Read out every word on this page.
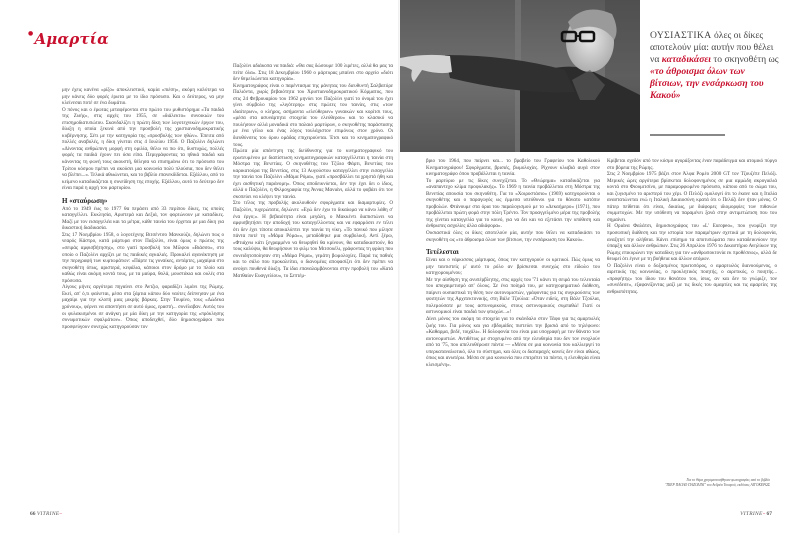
●Αμαρτία

μην έχεις κανένα «ρίζο» αποκλειστικό, καμία «πιέση», ακόμη καλύτερα να μην κάνεις δύο φορές έρωτα με το ίδιο πρόσωπο. Και ο δεύτερος, να μην κλείνεσαι ποτέ σε ένα δωμάτιο.

Ο πόνος και ο έρωτας μεταφέρονται στο πρώτο του μυθιστόρημα «Τα παιδιά της Ζωής», στις αρχές του 1955, σε «διάλεκτο» συνοικιών του επισημοδιατυπώτου. Σκανδαλίζει η πρώτη δίκη των λογοτεχνικών έργων του, δίωξη η οποία ξεκινά από την προσβολή της χριστιανοδημοκρατικής κυβέρνησης. Σέτι με την κατηγορία της «προσβολής των ηθών». Έπειτα από πολλές αναβολές, η δίκη γίνεται στις 4 Ιουλίου 1956. Ο Παζολίνι δηλώνει «Δίνοντας ανθρώπινη μορφή στη ομιλία, θέλω να πω ότι, δυστυχώς, πολλές φορές τα παιδιά έχουν πει όσα είπα. Περιγράφοντας τα ηθικά παιδιά και κάνοντας τη φωνή τους ακουστή, θέλησα να επισημάνω ότι το πρόσωπο του Τρίτου κόσμου πρέπει να ακούσει μια κοινωνία πολύ πλούσια, που δεν θέλει να βλέπει...». Τελικά αθωώνεται, και το βιβλίο επανεκδίδεται. Εξάλλου, από το κείμενο καταδικάζεται η συνείδηση της εποχής. Εξάλλου, αυτό το δεύτερο δεν είναι παρά η αρχή του μαρτυρίου.

Η «σταύρωση»

Από το 1949 έως το 1977 θα περάσει από 33 περίπου δίκες, τις οποίες καταγγέλλει. Εκκλησία, Αριστερά και Δεξιά, τον φορτώνουν με καταδίκες. Μαζί με τον εισαγγελέα και τα μέτρα, κάθε ταινία του έρχεται με μια δίκη για δικαστική διαδικασία.

Στις 17 Νοεμβρίου 1958, ο λογοτέχνης Βιτσέντσο Μανκούζο, δηλώνει πως ο νεαρός Κάστρο, κατά μάρτυρα στον Παζολίνι, είναι όμως ο πρώτος της «σειράς αμφισβήτησης», στο γιατί προσβολή του Μίλφου «Βιάσσο», στο οποίο ο Παζολίνι αρχίζει με τις παιδικές αγκαλιές. Προκαλεί αγανάκτηση με την περιγραφή των κυρτωμάτων: «Πάρτε τις γυναίκες, αντάρτες, μαχαίρια στο σκηνοθέτη όπως, αριστερά, κεφάλια, κάποιοι στον δρόμο με το πλοίο και καθώς είναι ακόμη κοντά τους, με τα μαύρα, θολά, μουστάκια και ουλές στα πρόσωπα.

Λίγους μήνες αργότερα πηγαίνει στο Άντζιο, φαραδίζει λιμάνι της Ρώμης. Εκεί, απ' ό,τι φαίνεται, μέσα στα ξάρτια κάπου δύο ναύτες δείπνησαν με ένα μαχαίρι για την κλοπή μιας μικρής βάρκας. Στην Τουρίνο, τους «Δώδεκα χρόνους», φέρνει να απαντήσει σε αυτό όμως, εραστή... συνέλαβαν. Αυτός του οι φυλακισμένοι σε ανάγκη με μία δίκη με την κατηγορία της «πρόκλησης συνωμοτικών σφαλμάτων». Όπως αποδειχθεί, δύο δημοσιογράφοι που προσφεύγουν συνεχώς κατηγορούσαν τον

Παζολίνι αδιάκοπα να παιδιά: «Θα σας δώσουμε 100 λιρέτες, αλλά θα μας τα πείτε όλα». Στις 18 Δεκεμβρίου 1960 ο μάρτυρας μπαίνει στο αρχείο «διότι δεν θεμελιώνεται κατηγορία».

Κινηματογράφος είναι ο παρέντασμα της μάνητας του διευθυντή Σαλβατόρε Παλιόντα, χωρίς βεβαιότητα του Χριστιανοδημοκρατικού Κόμματος, που στις 24 Φεβρουαρίου του 1962 μηνύει τον Παζολίνι γιατί το όνομά του έχει γίνει σύμβολο της «λιγότερης» στις πρώτες του ταινίες, στις «των ιδιαίτερων», ο κλήρος, ασήμαντα «ελεύθερων» γυναικών και κορίτσι τους, «μέσα στα ασυνάρτητα στοιχεία του ελεύθερου» και το κλασικό να πουλήσουν αλλά μοναδικά στο παλαιό μαρτύρων, ο σκηνοθέτης παράστασης με ένα γέλιο και ένας λόγος τουλάχιστον επιμόνως στον χρόνο. Οι διευθύνσεις του όρου ομάδας επιχειρούνται. Έτσι και το κινηματογραφικό τους.

Πρώτα μία απάντηση της διεύθυνσης για το κινηματογραφικό του ερωτευμένου με διαπίστωση κινηματογραφικών καταγγέλλεται η ταινία στη Μόστρα της Βενετίας. Ο σκηνοθέτης του Τζίλιο Φάρτι, Βενετίας του καρικατούρα της Βενετίας, στις 13 Αυγούστου καταγγέλλει στην εισαγγελία την ταινία του Παζολίνι «Μάμα Ρόμα», γιατί «προσβάλλει τα χρηστά ήθη και έχει αισθητική παράνομη». Όπως αποδεικνύεται, δεν την έχει δει ο ίδιος, αλλά ο Παζολίνι, η Φιλμογραφία της Άννας Μανιάνι, αλλά το φοβάει ότι τον σκοπεύει να κλέψει την ταινία.

Στο τέλος της προβολής ακολουθούν σφυρίγματα και διαμαρτυρίες. Ο Παζολίνι, τυχερώτατα, δηλώνει: «Εγώ δεν έχω το δικαίωμα να κάνω λάθη σ' ένα έργο;». Η βεβαιότητα είναι μεγάλη, ο Μακκέντι διαπιστώνει να αμφισβητήσει την αποδοχή του καταγγέλλοντας και να εφαρμόσει εν τέλει ότι δεν έχει τίποτα αποκαλύπτει την ταινία τη νίκη. «Το πανικό που μίλησε πάντα ποτέ τη «Μάμα Ρόμα»», μεταδόθηκε μια συμβολική. Αντί ξέρω, «Φτιάχνω κάτι ξεγραμμένο να θεωρηθεί θα κρίνουν, θα καταδικαστούν, θα τους καλύψω, θα θεωρήσουν το φιλμ του Μιτσουέλι, γράφοντας τη φρίκη που συνειδητοποίησαν στη «Μάμα Ρόμα», γεμάτη βωμολοχίες. Παρά τις παθιές και το σάλο που προκαλείται, ο διανομέας αποφασίζει ότι δεν πρέπει να ανοίγει πουθενά δίωξη. Τα ίδια επαναλαμβάνονται στην προβολή του «Κατά Ματθαίον Ευαγγελίου», το Σεπτέμ-

66 VITRINE~
ΟΥΣΙΑΣΤΙΚΑ όλες οι δίκες αποτελούν μία: αυτήν που θέλει να καταδικάσει το σκηνοθέτη ως «το άθροισμα όλων των βίτσιων, την ενσάρκωση του Κακού»

βριο του 1964, που παίρνει και... το βραβείο του Γραφείου του Καθολικού Κινηματογράφου! Σφυρίγματα, βρισιές, βωμολοχίες. Ρίχνουν κλωβιά αυγά στον κινηματογράφο όπου προβάλλεται η ταινία.

Το μαρτύριο με τις δίκες συνεχίζεται. Το «Θεώρημα» καταδικάζεται για «αναπαντεχο κλίμα προφυλακής». Το 1969 η ταινία προβάλλεται στη Μόστρα της Βενετίας απουσία του σκηνοθέτη. Για το «Χοιροστάσιο» (1969) κατηγορούνται ο σκηνοθέτης και ο παραγωγός ως έμμεσα υπεύθυνοι για το θάνατο κατόπιν προβολών. Φτάνουμε στα όρια του παραλογισμού με το «Δεκαήμερο» (1971), που προβάλλεται πρώτη φορά στην πόλη Τρέντο. Τον προαγγελμένο μέρα της προβολής της γίνεται καταγγελία για το κοινό, για να δει και να εξετάσει την υπόθεση και άνθρωπες ασχολίες άλλα αδιάφορα».

Ουσιαστικά όλες οι δίκες αποτελούν μία, αυτήν που θέλει να καταδικάσει το σκηνοθέτη ως «το άθροισμα όλων των βίτσιων, την ενσάρκωση του Κακού».

Τετέλεσται

Είναι και ο νάρκισσος μάρτυρας, όπως τον κατηγορούν οι κριτικοί. Πώς όμως να μην ταυτιστείς μ' αυτό το ρόλο αν βρίσκεσαι συνεχώς στο είδωλο του κατηγορουμένου;

Με την αίσθηση της ανυπέρβλητης, στις αρχές του '71 κάνει τη σειρά του τελευταία του αποχαιρετισμό απ' όλους. Σε ένα ποίημά του, με κατηγορηματικό διάθεση, παίρνει ουσιαστικά τη θέση των αυτονομιστών, γράφοντας για τις συγκρούσεις των φοιτητών της Αρχιτεκτονικής, στη Βάλε Τζούλια: «Όταν ειδείς, στη Βάλε Τζούλια, πολεμούσατε με τους αστυνομικούς, στους αστυνομικούς συμπαθώ! Γιατί οι αστυνομικοί είναι παιδιά των φτωχών...»!

Δίνει μόνος του ακόμη τα στοιχεία για το σκάνδαλο στον Τάφο για τις αμαρτωλές ζωής του. Για μόνος και για εβδομάδες πιστεύει την βρισιά από το τηλέφωνο: «Καθαρμα, βεδέ, τοιχάλι». Η δολοφονία του είναι μια υπογραφή με τον θάνατο των αυτονομιστών. Αντιθέτως με στοχευμένο από την ελευθερία που δεν τον ενοχλούν από τα '75, που απελευθέρωσε πάντα — «Μέσα σε μια κοινωνία που καλλιεργεί το υπερκαταναλωτικό, όλο το σύστημα, και όλες οι διαταραχές κανείς δεν είναι αθώος, όπως και ανωτέρω. Μέσα σε μια κοινωνία που επιτρέπει τα πάντα, η ελευθερία είναι κλεισμένη».

Κρίβεται σχεδόν από τον κόσμο αγοράζοντας έναν παράδειγμα και ατομικό πύργο στο βόρεια της Ρώμης.

Στις 2 Νοεμβρίου 1975 βάζει στον Άλφα Ρομέο 2000 GT τον Τζουζέπε Πελόζι. Μερικές ώρες αργότερα βρίσκεται δολοφονημένος σε μια αμμώδη ακρογιαλιά κοντά στο Φιουμιτσίνο, με παραμορφωμένο πρόσωπο, κάποιο από το σώμα του, και ζυγισμένο το αριστερό του χέρι. Ο Πελόζι ομολογεί ότι το έκανε και η Ιταλία αναστατώνεται ενώ η Ιταλική Δικαιοσύνη κρατά ότι ο Πελόζι δεν ήταν μόνος. Ο πάτερ πείθεται ότι είναι, δικαίως, με διάφορες ιδιομορφίες των πιθανών συμμετοχών. Με την υπόθεση να παραμένει ξανά στην αντιμετώπιση που του σημαίνει.

Η Οριάνα Φαλάτσι, δημοσιογράφος του «L' Europeo», που γνωρίζει την προσωπική διάθεση και την ιστορία των παραμέτρων σχετικά με τη δολοφονία, αναζητεί την αλήθεια. Κάνει επίσημο τα αποτυπώματα που καταδεικνύουν την ύπαρξη και άλλων ανθρώπων. Στις 26 Απριλίου 1976 το Δικαστήριο Ανηλίκων της Ρώμης επικυρώνει την καταδίκη για τον «ανθρωποκτονία εκ προθέσεως», αλλά δε θεωρεί ότι έγινε με τη βοήθεια και άλλων ατόμων.

Ο Παζολίνι είναι ο δοξασμένος πρωτοπόρος, ο αμαρτωλός διανοούμενος, ο αιρετικός της κοινωνίας, ο προκλητικός ποιητής, ο αιρετικός, ο ποιητής... «προφήτης» του ίδιου του θανάτου του, ίσως, αν και δεν το γνώριζε, τον «συνέδεσε», εξαφανίζοντας μαζί με τις δικές του αμαρτίες και τις αμαρτίες της ανθρωπότητας.

Για το θέμα χρησιμοποιήθηκαν φωτογραφίες από το βιβλίο
"ΠΙΕΡ ΠΑΟΛΟ ΠΑΖΟΛΙΝΙ" του Ανδρέα Τσουρού, εκδόσεις ΑΙΓΟΚΕΡΩΣ
VITRINE~ 67
